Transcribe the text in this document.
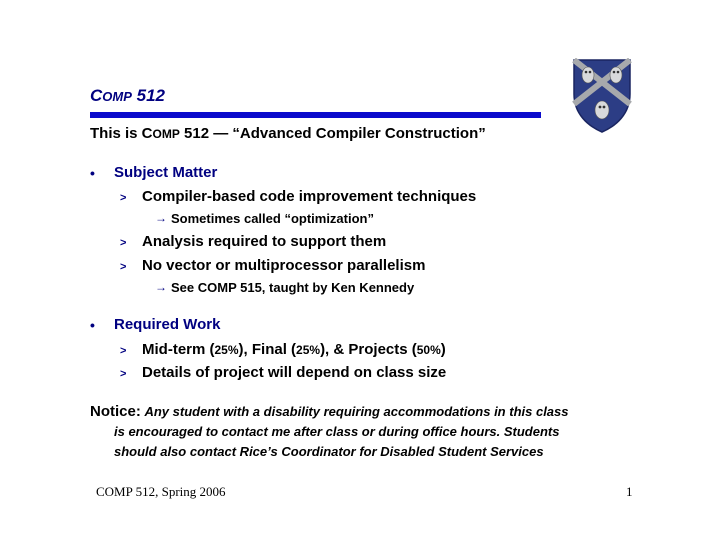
COMP 512
This is COMP 512 — “Advanced Compiler Construction”
• Subject Matter
> Compiler-based code improvement techniques
→ Sometimes called “optimization”
> Analysis required to support them
> No vector or multiprocessor parallelism
→ See COMP 515, taught by Ken Kennedy
• Required Work
> Mid-term (25%), Final (25%), & Projects (50%)
> Details of project will depend on class size
Notice: Any student with a disability requiring accommodations in this class
is encouraged to contact me after class or during office hours. Students
should also contact Rice’s Coordinator for Disabled Student Services
COMP 512, Spring 2006	1
